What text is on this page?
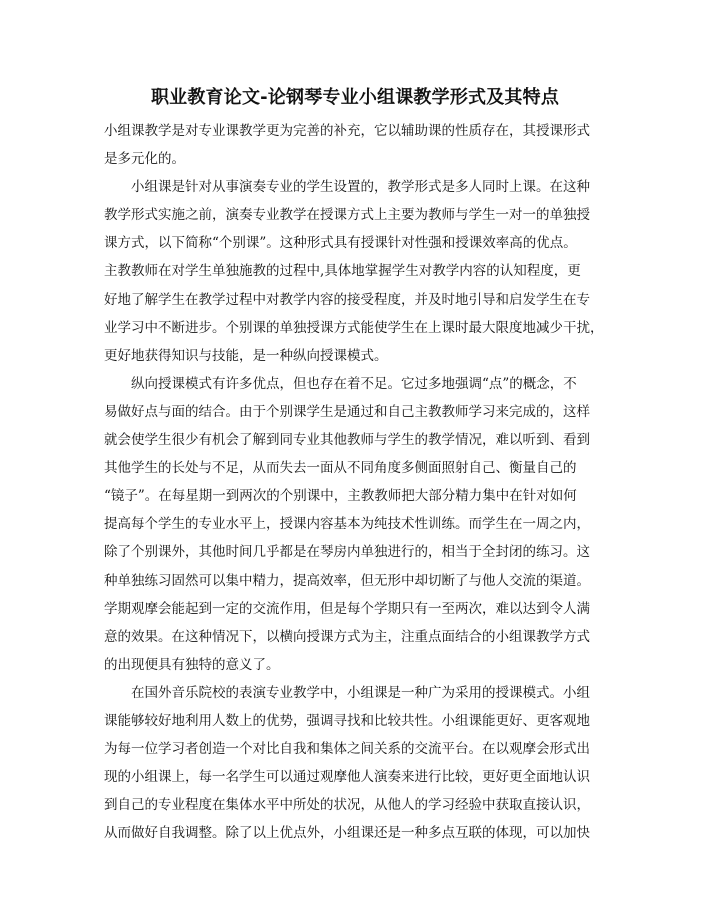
职业教育论文-论钢琴专业小组课教学形式及其特点
小组课教学是对专业课教学更为完善的补充，它以辅助课的性质存在，其授课形式
是多元化的。
小组课是针对从事演奏专业的学生设置的，教学形式是多人同时上课。在这种
教学形式实施之前，演奏专业教学在授课方式上主要为教师与学生一对一的单独授
课方式，以下简称“个别课”。这种形式具有授课针对性强和授课效率高的优点。
主教教师在对学生单独施教的过程中,具体地掌握学生对教学内容的认知程度，更
好地了解学生在教学过程中对教学内容的接受程度，并及时地引导和启发学生在专
业学习中不断进步。个别课的单独授课方式能使学生在上课时最大限度地减少干扰，
更好地获得知识与技能，是一种纵向授课模式。
纵向授课模式有许多优点，但也存在着不足。它过多地强调“点”的概念，不
易做好点与面的结合。由于个别课学生是通过和自己主教教师学习来完成的，这样
就会使学生很少有机会了解到同专业其他教师与学生的教学情况，难以听到、看到
其他学生的长处与不足，从而失去一面从不同角度多侧面照射自己、衡量自己的
“镜子”。在每星期一到两次的个别课中，主教教师把大部分精力集中在针对如何
提高每个学生的专业水平上，授课内容基本为纯技术性训练。而学生在一周之内，
除了个别课外，其他时间几乎都是在琴房内单独进行的，相当于全封闭的练习。这
种单独练习固然可以集中精力，提高效率，但无形中却切断了与他人交流的渠道。
学期观摩会能起到一定的交流作用，但是每个学期只有一至两次，难以达到令人满
意的效果。在这种情况下，以横向授课方式为主，注重点面结合的小组课教学方式
的出现便具有独特的意义了。
在国外音乐院校的表演专业教学中，小组课是一种广为采用的授课模式。小组
课能够较好地利用人数上的优势，强调寻找和比较共性。小组课能更好、更客观地
为每一位学习者创造一个对比自我和集体之间关系的交流平台。在以观摩会形式出
现的小组课上，每一名学生可以通过观摩他人演奏来进行比较，更好更全面地认识
到自己的专业程度在集体水平中所处的状况，从他人的学习经验中获取直接认识，
从而做好自我调整。除了以上优点外，小组课还是一种多点互联的体现，可以加快
